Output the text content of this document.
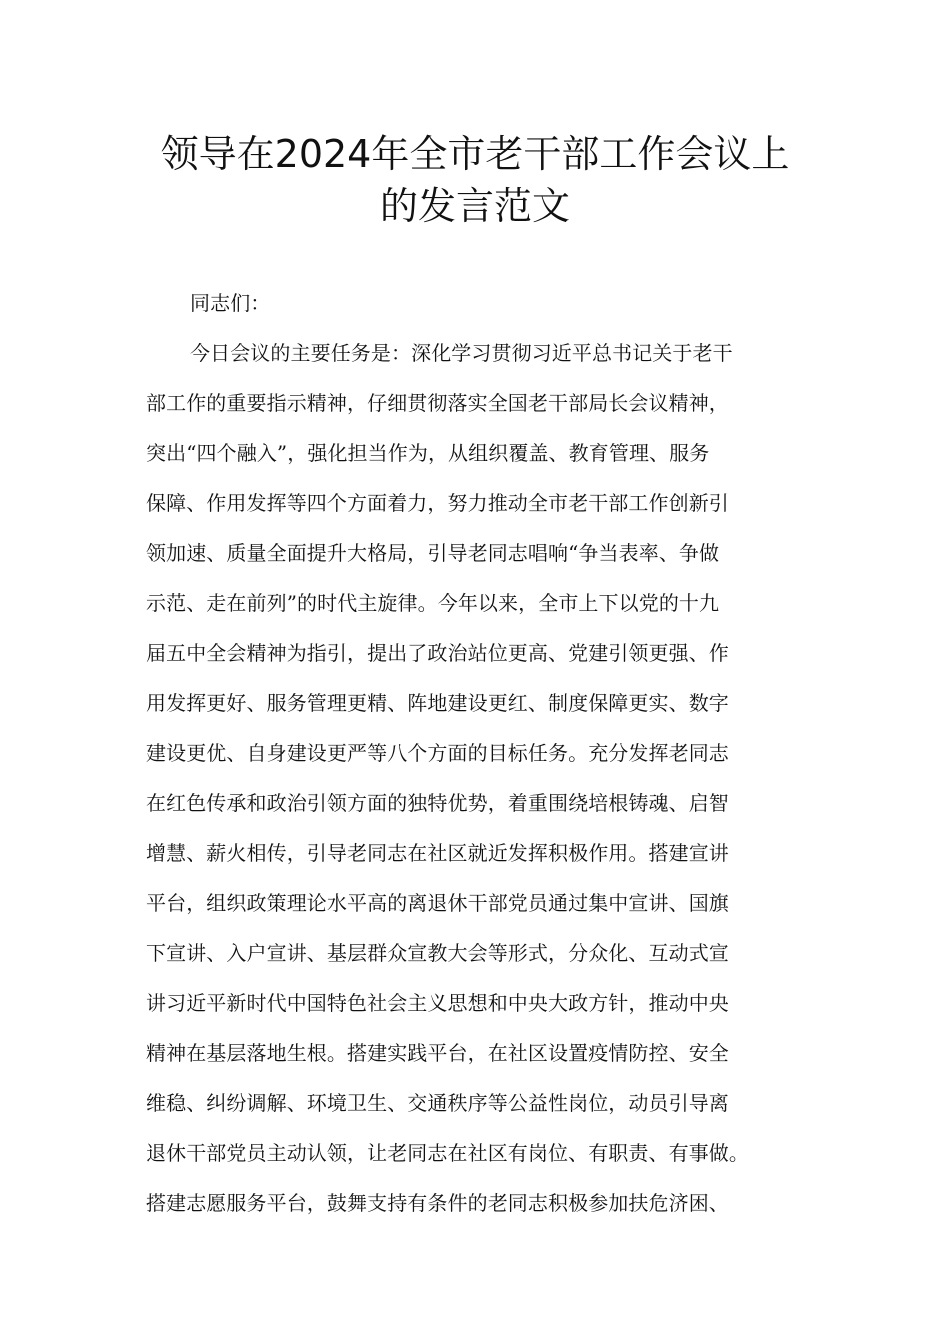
领导在2024年全市老干部工作会议上
的发言范文
同志们：
今日会议的主要任务是：深化学习贯彻习近平总书记关于老干
部工作的重要指示精神，仔细贯彻落实全国老干部局长会议精神，
突出“四个融入”，强化担当作为，从组织覆盖、教育管理、服务
保障、作用发挥等四个方面着力，努力推动全市老干部工作创新引
领加速、质量全面提升大格局，引导老同志唱响“争当表率、争做
示范、走在前列”的时代主旋律。今年以来，全市上下以党的十九
届五中全会精神为指引，提出了政治站位更高、党建引领更强、作
用发挥更好、服务管理更精、阵地建设更红、制度保障更实、数字
建设更优、自身建设更严等八个方面的目标任务。充分发挥老同志
在红色传承和政治引领方面的独特优势，着重围绕培根铸魂、启智
增慧、薪火相传，引导老同志在社区就近发挥积极作用。搭建宣讲
平台，组织政策理论水平高的离退休干部党员通过集中宣讲、国旗
下宣讲、入户宣讲、基层群众宣教大会等形式，分众化、互动式宣
讲习近平新时代中国特色社会主义思想和中央大政方针，推动中央
精神在基层落地生根。搭建实践平台，在社区设置疫情防控、安全
维稳、纠纷调解、环境卫生、交通秩序等公益性岗位，动员引导离
退休干部党员主动认领，让老同志在社区有岗位、有职责、有事做。
搭建志愿服务平台，鼓舞支持有条件的老同志积极参加扶危济困、
